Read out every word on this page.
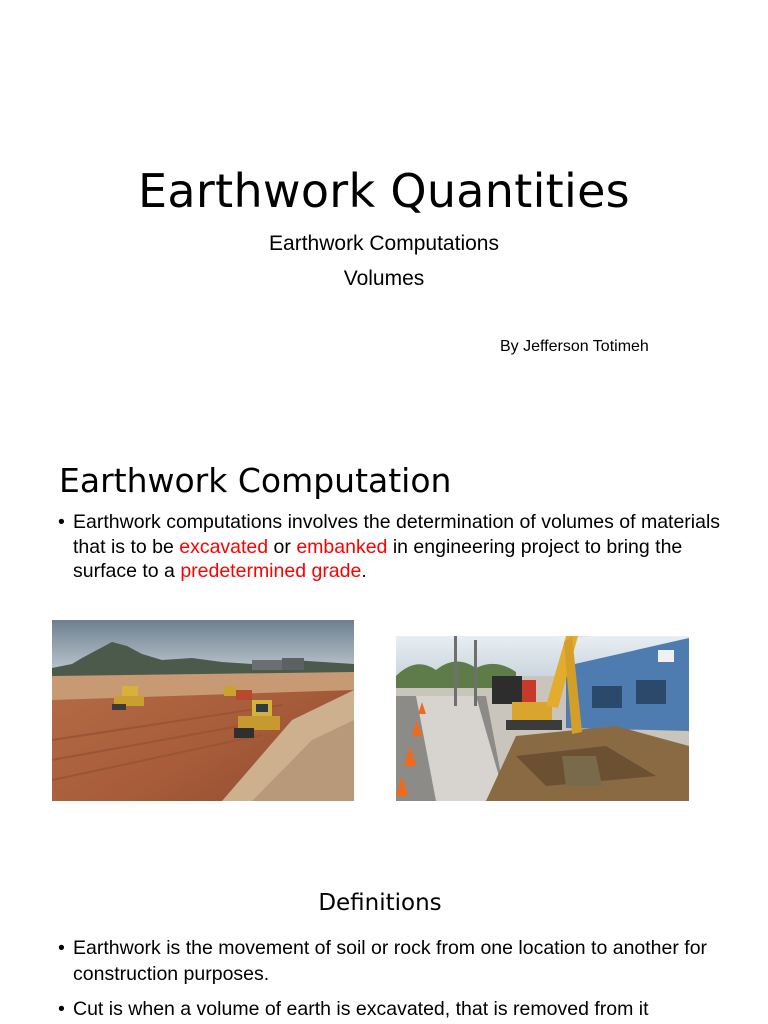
Earthwork Quantities
Earthwork Computations
Volumes
By Jefferson Totimeh
Earthwork Computation
• Earthwork computations involves the determination of volumes of materials that is to be excavated or embanked in engineering project to bring the surface to a predetermined grade.
Definitions
• Earthwork is the movement of soil or rock from one location to another for construction purposes.
• Cut is when a volume of earth is excavated, that is removed from it
